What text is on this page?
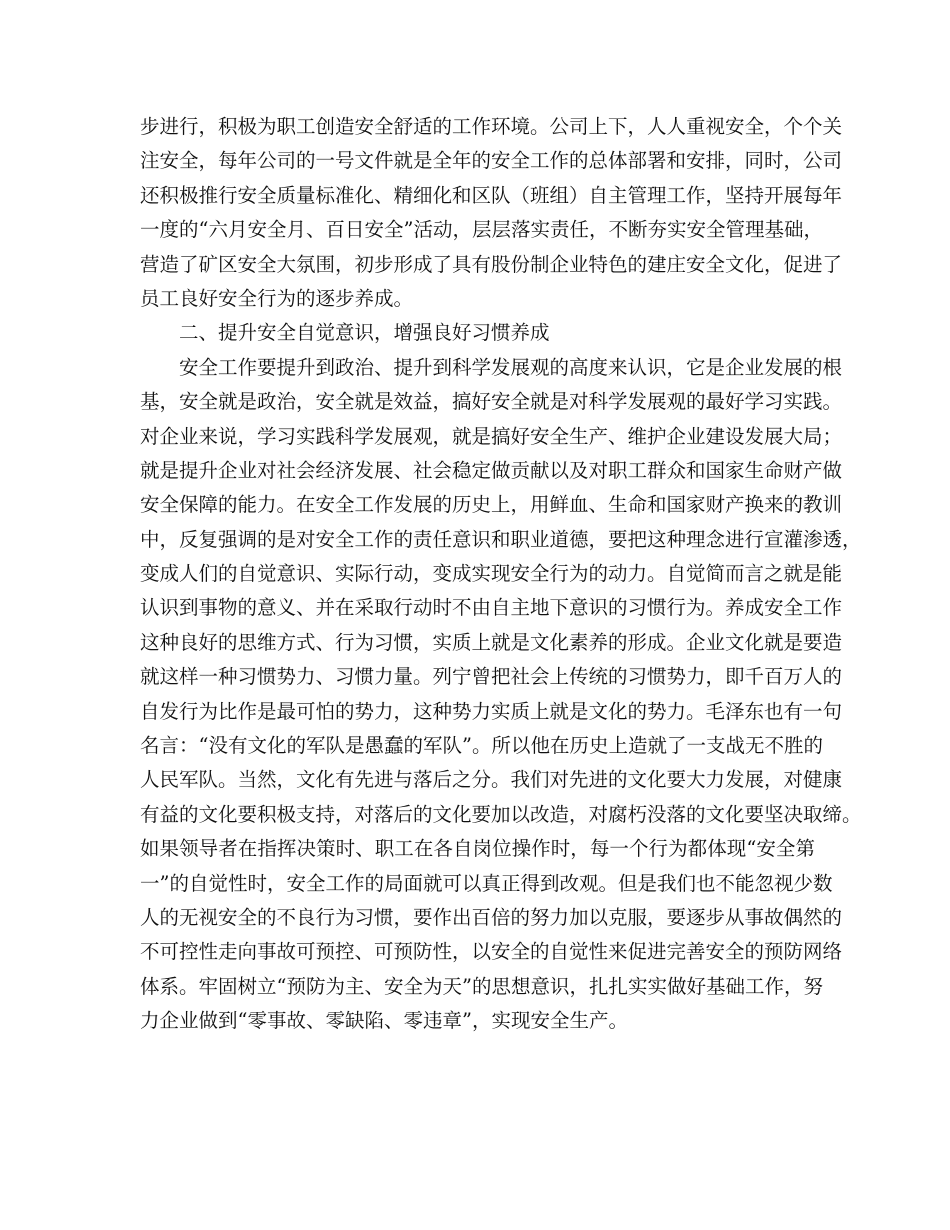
步进行，积极为职工创造安全舒适的工作环境。公司上下，人人重视安全，个个关
注安全，每年公司的一号文件就是全年的安全工作的总体部署和安排，同时，公司
还积极推行安全质量标准化、精细化和区队（班组）自主管理工作，坚持开展每年
一度的“六月安全月、百日安全”活动，层层落实责任，不断夯实安全管理基础，
营造了矿区安全大氛围，初步形成了具有股份制企业特色的建庄安全文化，促进了
员工良好安全行为的逐步养成。
二、提升安全自觉意识，增强良好习惯养成
安全工作要提升到政治、提升到科学发展观的高度来认识，它是企业发展的根
基，安全就是政治，安全就是效益，搞好安全就是对科学发展观的最好学习实践。
对企业来说，学习实践科学发展观，就是搞好安全生产、维护企业建设发展大局；
就是提升企业对社会经济发展、社会稳定做贡献以及对职工群众和国家生命财产做
安全保障的能力。在安全工作发展的历史上，用鲜血、生命和国家财产换来的教训
中，反复强调的是对安全工作的责任意识和职业道德，要把这种理念进行宣灌渗透，
变成人们的自觉意识、实际行动，变成实现安全行为的动力。自觉简而言之就是能
认识到事物的意义、并在采取行动时不由自主地下意识的习惯行为。养成安全工作
这种良好的思维方式、行为习惯，实质上就是文化素养的形成。企业文化就是要造
就这样一种习惯势力、习惯力量。列宁曾把社会上传统的习惯势力，即千百万人的
自发行为比作是最可怕的势力，这种势力实质上就是文化的势力。毛泽东也有一句
名言：“没有文化的军队是愚蠢的军队”。所以他在历史上造就了一支战无不胜的
人民军队。当然，文化有先进与落后之分。我们对先进的文化要大力发展，对健康
有益的文化要积极支持，对落后的文化要加以改造，对腐朽没落的文化要坚决取缔。
如果领导者在指挥决策时、职工在各自岗位操作时，每一个行为都体现“安全第
一”的自觉性时，安全工作的局面就可以真正得到改观。但是我们也不能忽视少数
人的无视安全的不良行为习惯，要作出百倍的努力加以克服，要逐步从事故偶然的
不可控性走向事故可预控、可预防性，以安全的自觉性来促进完善安全的预防网络
体系。牢固树立“预防为主、安全为天”的思想意识，扎扎实实做好基础工作，努
力企业做到“零事故、零缺陷、零违章”，实现安全生产。
